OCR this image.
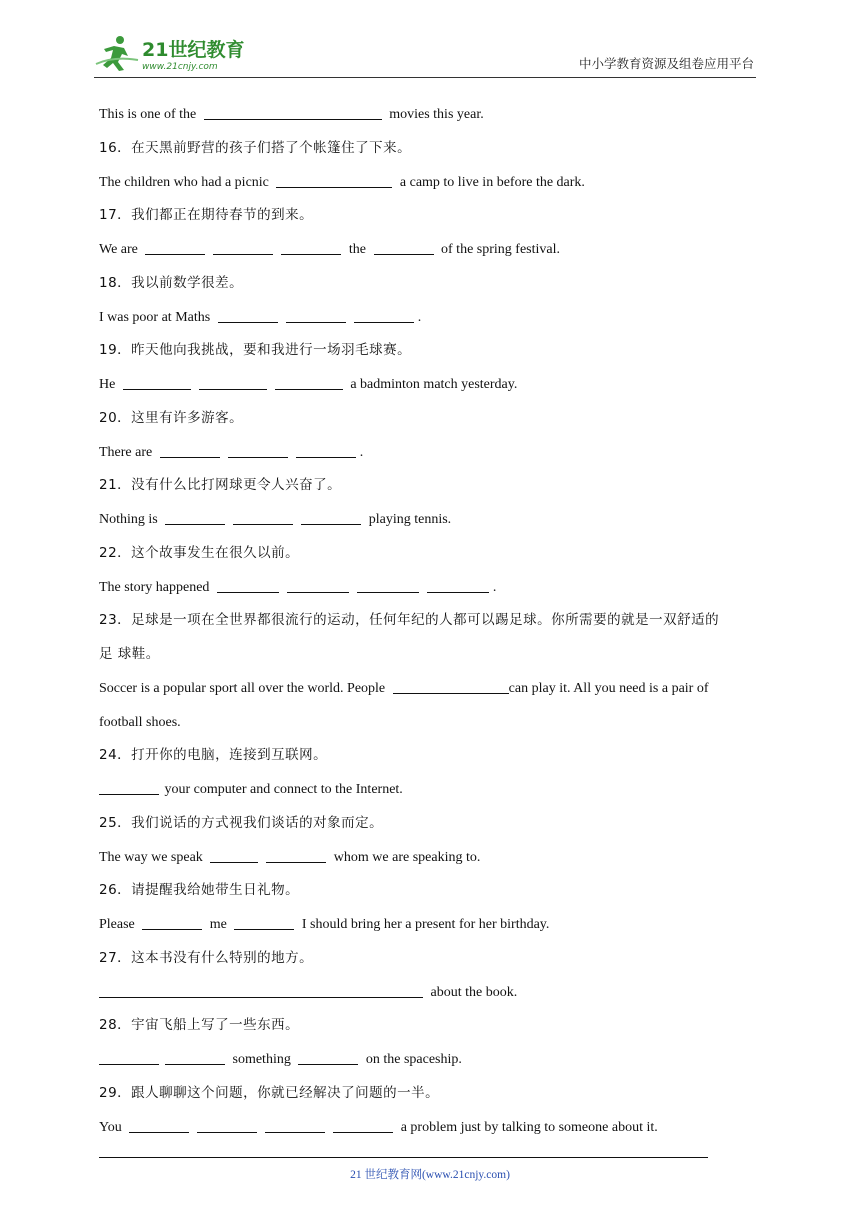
21世纪教育
www.21cnjy.com	中小学教育资源及组卷应用平台
This is one of the	movies this year.
16．在天黑前野营的孩子们搭了个帐篷住了下来。
The children who had a picnic	a camp to live in before the dark.
17．我们都正在期待春节的到来。
We are	the	of the spring festival.
18．我以前数学很差。
I was poor at Maths	.
19．昨天他向我挑战，要和我进行一场羽毛球赛。
He	a badminton match yesterday.
20．这里有许多游客。
There are	.
21．没有什么比打网球更令人兴奋了。
Nothing is	playing tennis.
22．这个故事发生在很久以前。
The story happened	.
23．足球是一项在全世界都很流行的运动，任何年纪的人都可以踢足球。你所需要的就是一双舒适的
足 球鞋。
Soccer is a popular sport all over the world. People	can play it. All you need is a pair of
football shoes.
24．打开你的电脑，连接到互联网。
your computer and connect to the Internet.
25．我们说话的方式视我们谈话的对象而定。
The way we speak	whom we are speaking to.
26．请提醒我给她带生日礼物。
Please	me	I should bring her a present for her birthday.
27．这本书没有什么特别的地方。
about the book.
28．宇宙飞船上写了一些东西。
something	on the spaceship.
29．跟人聊聊这个问题，你就已经解决了问题的一半。
You	a problem just by talking to someone about it.
21 世纪教育网(www.21cnjy.com)
